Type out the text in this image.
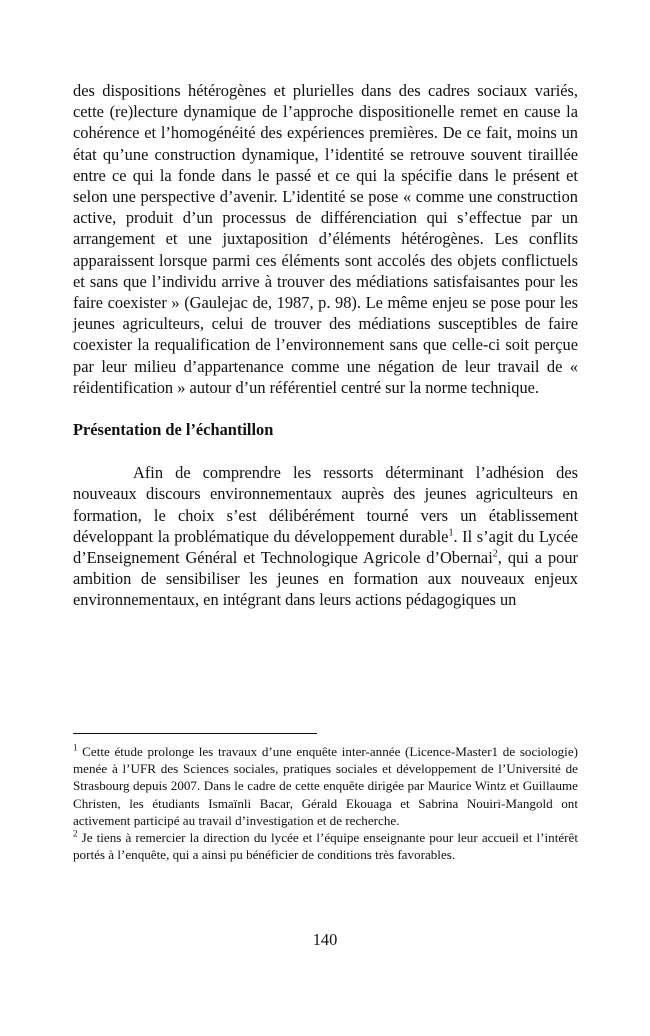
des dispositions hétérogènes et plurielles dans des cadres sociaux variés, cette (re)lecture dynamique de l’approche dispositionelle remet en cause la cohérence et l’homogénéité des expériences premières. De ce fait, moins un état qu’une construction dynamique, l’identité se retrouve souvent tiraillée entre ce qui la fonde dans le passé et ce qui la spécifie dans le présent et selon une perspective d’avenir. L’identité se pose « comme une construction active, produit d’un processus de différenciation qui s’effectue par un arrangement et une juxtaposition d’éléments hétérogènes. Les conflits apparaissent lorsque parmi ces éléments sont accolés des objets conflictuels et sans que l’individu arrive à trouver des médiations satisfaisantes pour les faire coexister » (Gaulejac de, 1987, p. 98). Le même enjeu se pose pour les jeunes agriculteurs, celui de trouver des médiations susceptibles de faire coexister la requalification de l’environnement sans que celle-ci soit perçue par leur milieu d’appartenance comme une négation de leur travail de « réidentification » autour d’un référentiel centré sur la norme technique.

Présentation de l’échantillon

Afin de comprendre les ressorts déterminant l’adhésion des nouveaux discours environnementaux auprès des jeunes agriculteurs en formation, le choix s’est délibérément tourné vers un établissement développant la problématique du développement durable$^1$. Il s’agit du Lycée d’Enseignement Général et Technologique Agricole d’Obernai$^2$, qui a pour ambition de sensibiliser les jeunes en formation aux nouveaux enjeux environnementaux, en intégrant dans leurs actions pédagogiques un

$^1$ Cette étude prolonge les travaux d’une enquête inter-année (Licence-Master1 de sociologie) menée à l’UFR des Sciences sociales, pratiques sociales et développement de l’Université de Strasbourg depuis 2007. Dans le cadre de cette enquête dirigée par Maurice Wintz et Guillaume Christen, les étudiants Ismaïnli Bacar, Gérald Ekouaga et Sabrina Nouiri-Mangold ont activement participé au travail d’investigation et de recherche.

$^2$ Je tiens à remercier la direction du lycée et l’équipe enseignante pour leur accueil et l’intérêt portés à l’enquête, qui a ainsi pu bénéficier de conditions très favorables.

140
